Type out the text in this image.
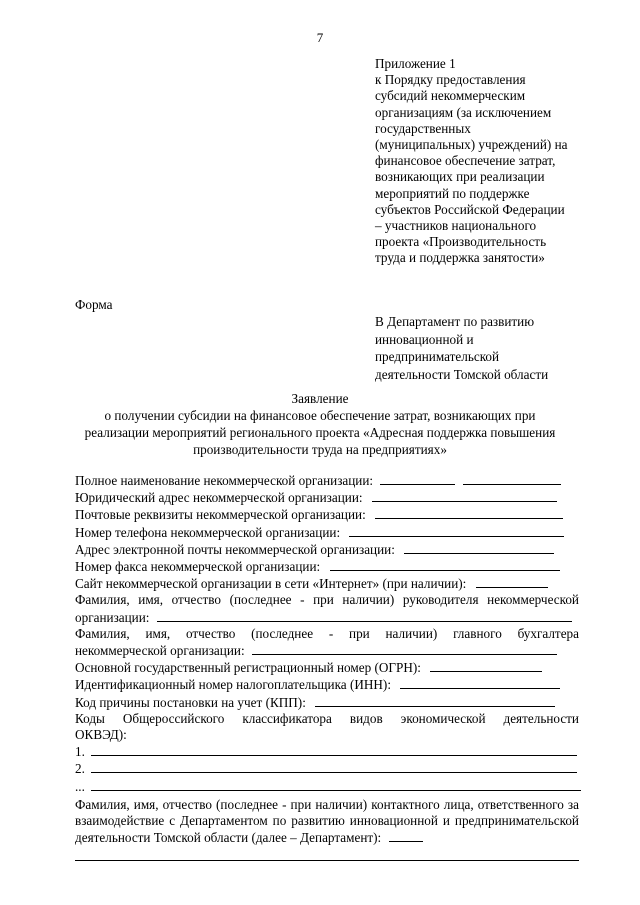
7
Приложение 1
к Порядку предоставления
субсидий некоммерческим
организациям (за исключением
государственных
(муниципальных) учреждений) на
финансовое обеспечение затрат,
возникающих при реализации
мероприятий по поддержке
субъектов Российской Федерации
– участников национального
проекта «Производительность
труда и поддержка занятости»
Форма
В Департамент по развитию
инновационной и
предпринимательской
деятельности Томской области
Заявление
о получении субсидии на финансовое обеспечение затрат, возникающих при
реализации мероприятий регионального проекта «Адресная поддержка повышения
производительности труда на предприятиях»
Полное наименование некоммерческой организации:
Юридический адрес некоммерческой организации:
Почтовые реквизиты некоммерческой организации:
Номер телефона некоммерческой организации:
Адрес электронной почты некоммерческой организации:
Номер факса некоммерческой организации:
Сайт некоммерческой организации в сети «Интернет» (при наличии):
Фамилия, имя, отчество (последнее - при наличии) руководителя некоммерческой
организации:
Фамилия, имя, отчество (последнее - при наличии) главного бухгалтера
некоммерческой организации:
Основной государственный регистрационный номер (ОГРН):
Идентификационный номер налогоплательщика (ИНН):
Код причины постановки на учет (КПП):
Коды Общероссийского классификатора видов экономической деятельности
ОКВЭД):
1.
2.
...
Фамилия, имя, отчество (последнее - при наличии) контактного лица, ответственного за взаимодействие с Департаментом по развитию инновационной и предпринимательской деятельности Томской области (далее – Департамент):
